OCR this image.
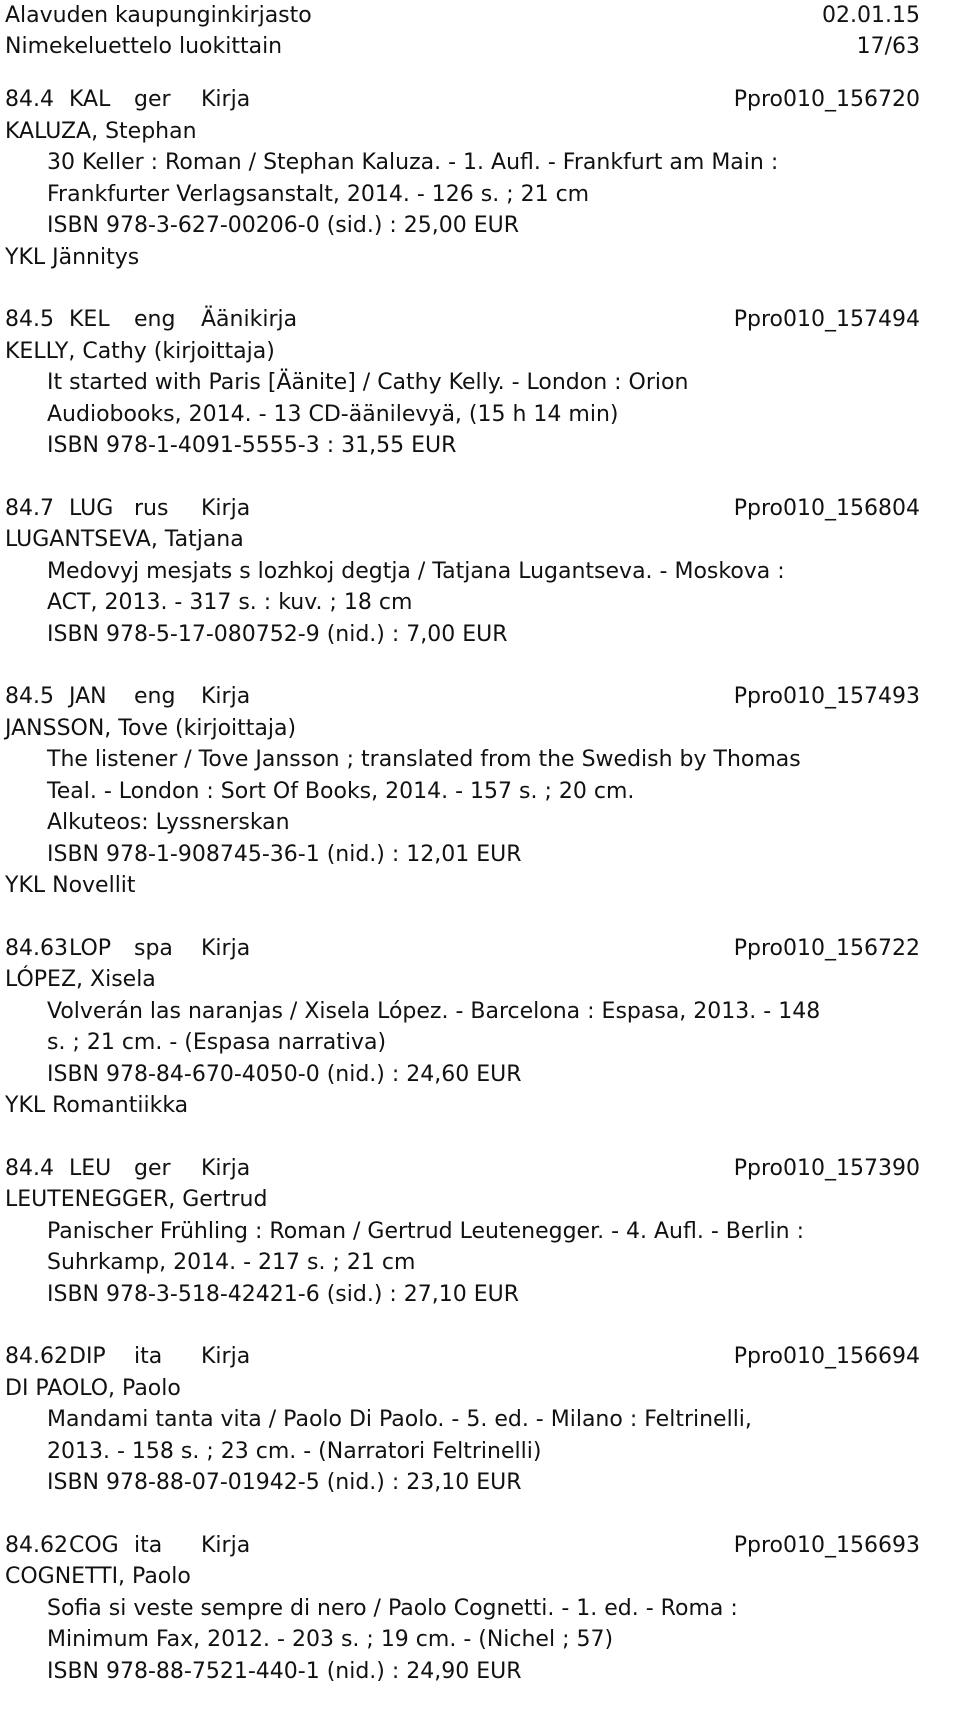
Alavuden kaupunginkirjasto	02.01.15
Nimekeluettelo luokittain	17/63
84.4 KAL ger Kirja	Ppro010_156720
KALUZA, Stephan
30 Keller : Roman / Stephan Kaluza. - 1. Aufl. - Frankfurt am Main :
Frankfurter Verlagsanstalt, 2014. - 126 s. ; 21 cm
ISBN 978-3-627-00206-0 (sid.) : 25,00 EUR
YKL Jännitys
84.5 KEL eng Äänikirja	Ppro010_157494
KELLY, Cathy (kirjoittaja)
It started with Paris [Äänite] / Cathy Kelly. - London : Orion
Audiobooks, 2014. - 13 CD-äänilevyä, (15 h 14 min)
ISBN 978-1-4091-5555-3 : 31,55 EUR
84.7 LUG rus Kirja	Ppro010_156804
LUGANTSEVA, Tatjana
Medovyj mesjats s lozhkoj degtja / Tatjana Lugantseva. - Moskova :
ACT, 2013. - 317 s. : kuv. ; 18 cm
ISBN 978-5-17-080752-9 (nid.) : 7,00 EUR
84.5 JAN eng Kirja	Ppro010_157493
JANSSON, Tove (kirjoittaja)
The listener / Tove Jansson ; translated from the Swedish by Thomas
Teal. - London : Sort Of Books, 2014. - 157 s. ; 20 cm.
Alkuteos: Lyssnerskan
ISBN 978-1-908745-36-1 (nid.) : 12,01 EUR
YKL Novellit
84.63 LOP spa Kirja	Ppro010_156722
LÓPEZ, Xisela
Volverán las naranjas / Xisela López. - Barcelona : Espasa, 2013. - 148
s. ; 21 cm. - (Espasa narrativa)
ISBN 978-84-670-4050-0 (nid.) : 24,60 EUR
YKL Romantiikka
84.4 LEU ger Kirja	Ppro010_157390
LEUTENEGGER, Gertrud
Panischer Frühling : Roman / Gertrud Leutenegger. - 4. Aufl. - Berlin :
Suhrkamp, 2014. - 217 s. ; 21 cm
ISBN 978-3-518-42421-6 (sid.) : 27,10 EUR
84.62 DIP ita Kirja	Ppro010_156694
DI PAOLO, Paolo
Mandami tanta vita / Paolo Di Paolo. - 5. ed. - Milano : Feltrinelli,
2013. - 158 s. ; 23 cm. - (Narratori Feltrinelli)
ISBN 978-88-07-01942-5 (nid.) : 23,10 EUR
84.62 COG ita Kirja	Ppro010_156693
COGNETTI, Paolo
Sofia si veste sempre di nero / Paolo Cognetti. - 1. ed. - Roma :
Minimum Fax, 2012. - 203 s. ; 19 cm. - (Nichel ; 57)
ISBN 978-88-7521-440-1 (nid.) : 24,90 EUR
